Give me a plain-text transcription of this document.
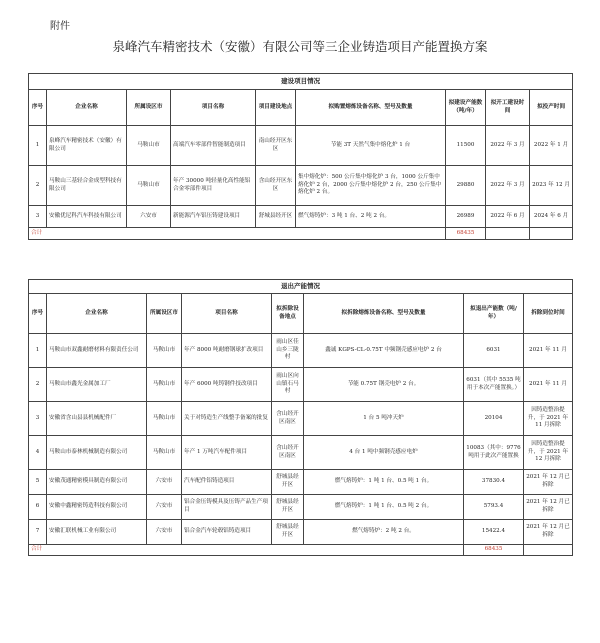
附件
泉峰汽车精密技术（安徽）有限公司等三企业铸造项目产能置换方案
建设项目情况								
序号	企业名称	所属设区市	项目名称	项目建设地点	拟购置熔炼设备名称、型号及数量	拟建设产能数（吨/年）	拟开工建设时间	拟投产时间
1	泉峰汽车精密技术（安徽）有限公司	马鞍山市	高端汽车零部件智能制造项目	南山经开区东区	节能 3T 天然气集中熔化炉 1 台	11500	2022 年 3 月	2022 年 1 月
2	马鞍山三基轻合金成型科技有限公司	马鞍山市	年产 30000 吨轻量化高性能铝合金零部件项目	含山经开区东区	集中熔化炉：500 公斤集中熔化炉 3 台，1000 公斤集中熔化炉 2 台，2000 公斤集中熔化炉 2 台，250 公斤集中熔化炉 2 台。	29880	2022 年 3 月	2023 年 12 月
3	安徽优尼科汽车科技有限公司	六安市	新能源汽车铝压铸建设项目	舒城县经开区	燃气熔铸炉：3 吨 1 台、2 吨 2 台。	26989	2022 年 6 月	2024 年 6 月
合计						68435		
退出产能情况							
序号	企业名称	所属设区市	项目名称	拟拆除设备地点	拟拆除熔炼设备名称、型号及数量	拟退出产能数（吨/年）	拆除到位时间
1	马鞍山市双鑫耐磨材料有限责任公司	马鞍山市	年产 8000 吨耐磨钢球扩改项目	雨山区佳山乡三陇村	鑫诚 KGPS-CL-0.75T 中频钢壳感应电炉 2 台	6031	2021 年 11 月
2	马鞍山市鑫光金属加工厂	马鞍山市	年产 6000 吨铸钢件技改项目	雨山区向山镇石马村	节能 0.75T 钢壳电炉 2 台。	6031（其中 5535 吨用于本次产能置换。）	2021 年 11 月
3	安徽省含山县县机械配件厂	马鞍山市	关于对铸造生产线整手备案的批复	含山经开区南区	1 台 5 吨冲天炉	20104	因铸造整治提升，于 2021 年 11 月拆除
4	马鞍山市泰林机械制造有限公司	马鞍山市	年产 1 万吨汽车配件项目	含山经开区南区	4 台 1 吨中频钢壳感应电炉	10083（其中：9776 吨用于此次产能置换	因铸造整治提升，于 2021 年 12 月拆除
5	安徽茂通精密模具制造有限公司	六安市	汽车配件铝铸造项目	舒城县经开区	燃气熔铸炉：1 吨 1 台、0.5 吨 1 台。	37830.4	2021 年 12 月已拆除
6	安徽中鑫精密铸造科技有限公司	六安市	铝合金压铸模具及压铸产品生产项目	舒城县经开区	燃气熔铸炉：1 吨 1 台、0.5 吨 2 台。	5793.4	2021 年 12 月已拆除
7	安徽汇联机械工业有限公司	六安市	铝合金汽车轮毂铝铸造项目	舒城县经开区	燃气熔铸炉：2 吨 2 台。	15422.4	2021 年 12 月已拆除
合计						68435	
